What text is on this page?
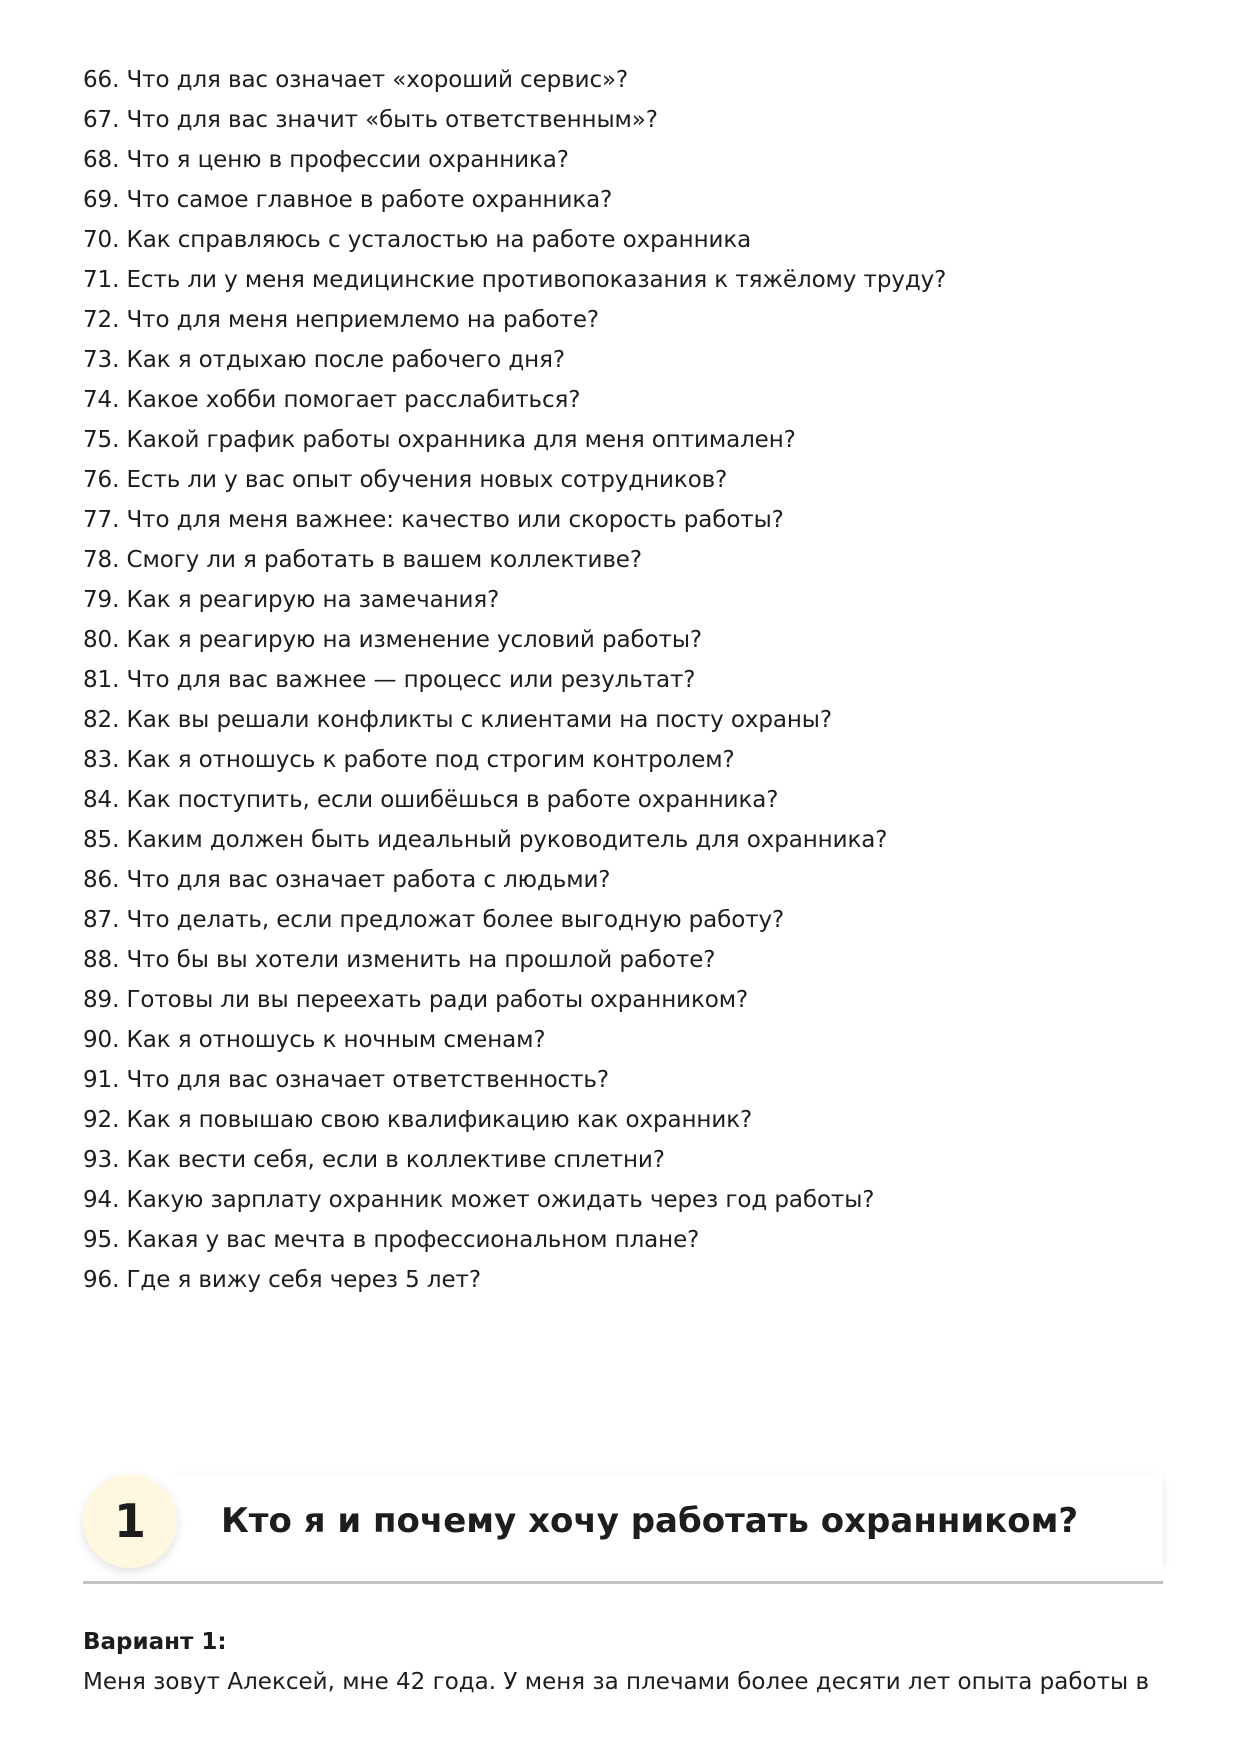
66. Что для вас означает «хороший сервис»?
67. Что для вас значит «быть ответственным»?
68. Что я ценю в профессии охранника?
69. Что самое главное в работе охранника?
70. Как справляюсь с усталостью на работе охранника
71. Есть ли у меня медицинские противопоказания к тяжёлому труду?
72. Что для меня неприемлемо на работе?
73. Как я отдыхаю после рабочего дня?
74. Какое хобби помогает расслабиться?
75. Какой график работы охранника для меня оптимален?
76. Есть ли у вас опыт обучения новых сотрудников?
77. Что для меня важнее: качество или скорость работы?
78. Смогу ли я работать в вашем коллективе?
79. Как я реагирую на замечания?
80. Как я реагирую на изменение условий работы?
81. Что для вас важнее — процесс или результат?
82. Как вы решали конфликты с клиентами на посту охраны?
83. Как я отношусь к работе под строгим контролем?
84. Как поступить, если ошибёшься в работе охранника?
85. Каким должен быть идеальный руководитель для охранника?
86. Что для вас означает работа с людьми?
87. Что делать, если предложат более выгодную работу?
88. Что бы вы хотели изменить на прошлой работе?
89. Готовы ли вы переехать ради работы охранником?
90. Как я отношусь к ночным сменам?
91. Что для вас означает ответственность?
92. Как я повышаю свою квалификацию как охранник?
93. Как вести себя, если в коллективе сплетни?
94. Какую зарплату охранник может ожидать через год работы?
95. Какая у вас мечта в профессиональном плане?
96. Где я вижу себя через 5 лет?
1	Кто я и почему хочу работать охранником?
Вариант 1:
Меня зовут Алексей, мне 42 года. У меня за плечами более десяти лет опыта работы в
